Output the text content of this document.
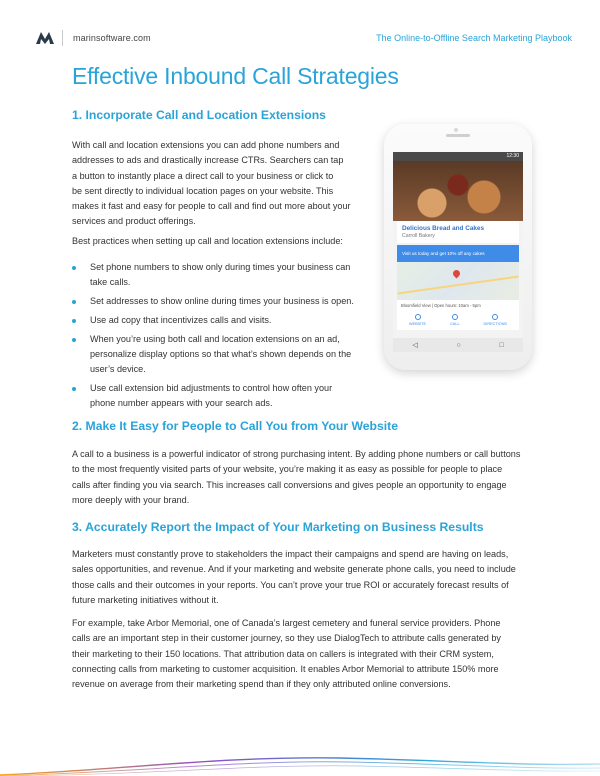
marinsoftware.com	The Online-to-Offline Search Marketing Playbook
Effective Inbound Call Strategies
1. Incorporate Call and Location Extensions
With call and location extensions you can add phone numbers and
addresses to ads and drastically increase CTRs. Searchers can tap
a button to instantly place a direct call to your business or click to
be sent directly to individual location pages on your website. This
makes it fast and easy for people to call and find out more about your
services and product offerings.
Best practices when setting up call and location extensions include:
Set phone numbers to show only during times your business can
take calls.
Set addresses to show online during times your business is open.
Use ad copy that incentivizes calls and visits.
When you’re using both call and location extensions on an ad,
personalize display options so that what’s shown depends on the
user’s device.
Use call extension bid adjustments to control how often your
phone number appears with your search ads.
12:30
Delicious Bread and Cakes
Carroll Bakery
Visit us today and get 10% off any cakes
Bloomfield View | Open hours: 10am - 5pm
WEBSITE	CALL	DIRECTIONS
◁	○	□
2. Make It Easy for People to Call You from Your Website
A call to a business is a powerful indicator of strong purchasing intent. By adding phone numbers or call buttons
to the most frequently visited parts of your website, you’re making it as easy as possible for people to place
calls after finding you via search. This increases call conversions and gives people an opportunity to engage
more deeply with your brand.
3. Accurately Report the Impact of Your Marketing on Business Results
Marketers must constantly prove to stakeholders the impact their campaigns and spend are having on leads,
sales opportunities, and revenue. And if your marketing and website generate phone calls, you need to include
those calls and their outcomes in your reports. You can’t prove your true ROI or accurately forecast results of
future marketing initiatives without it.
For example, take Arbor Memorial, one of Canada’s largest cemetery and funeral service providers. Phone
calls are an important step in their customer journey, so they use DialogTech to attribute calls generated by
their marketing to their 150 locations. That attribution data on callers is integrated with their CRM system,
connecting calls from marketing to customer acquisition. It enables Arbor Memorial to attribute 150% more
revenue on average from their marketing spend than if they only attributed online conversions.
